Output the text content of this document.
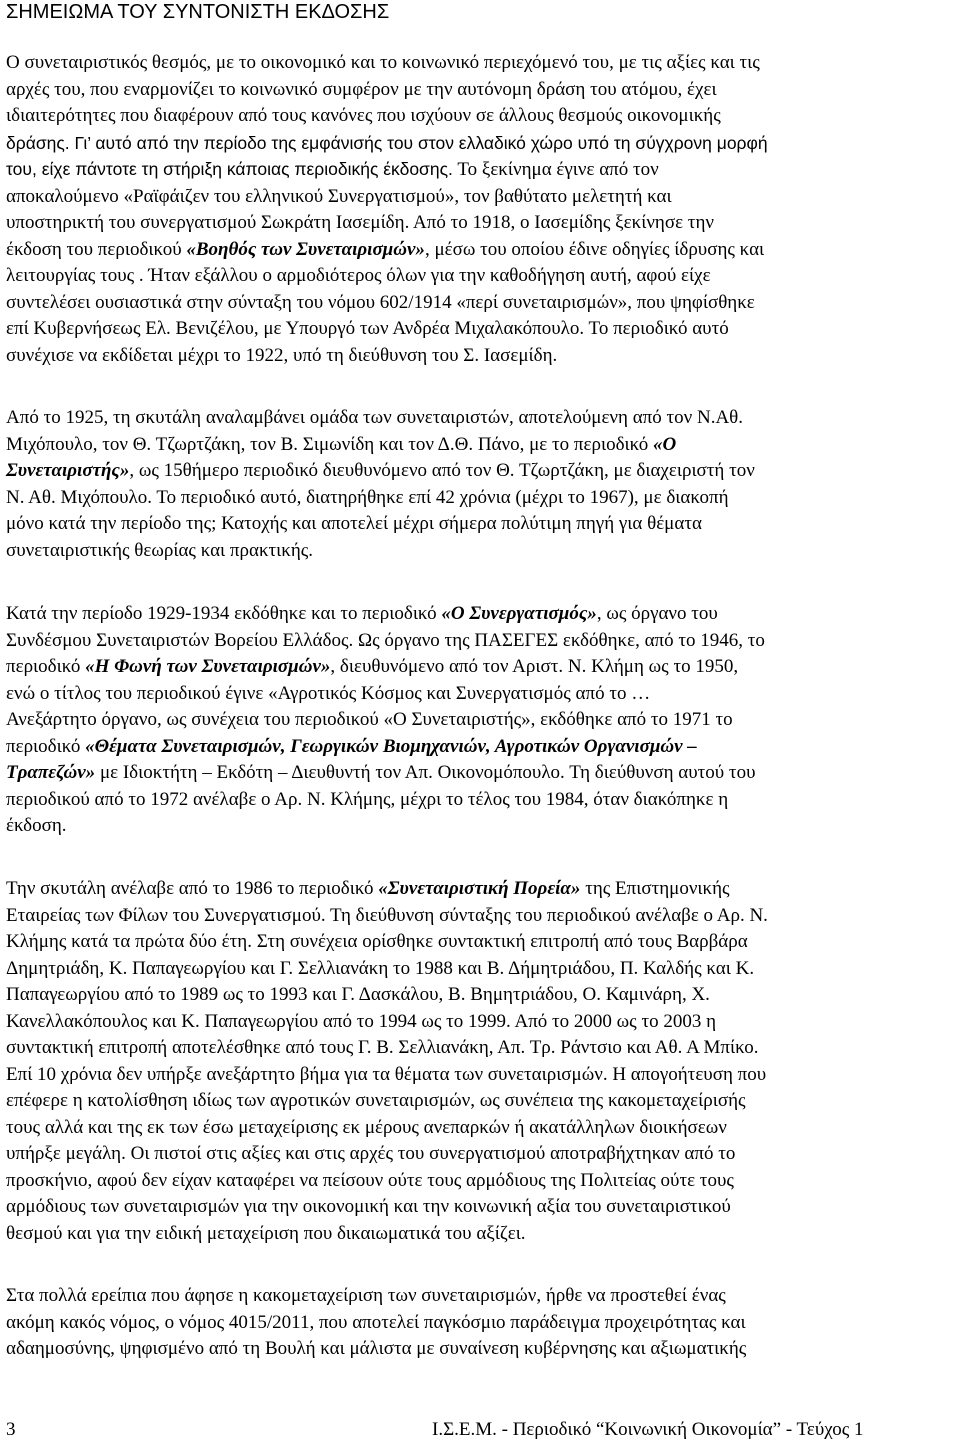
ΣΗΜΕΙΩΜΑ ΤΟΥ ΣΥΝΤΟΝΙΣΤΗ ΕΚΔΟΣΗΣ
Ο συνεταιριστικός θεσμός, με το οικονομικό και το κοινωνικό περιεχόμενό του, με τις αξίες και τις
αρχές του, που εναρμονίζει το κοινωνικό συμφέρον με την αυτόνομη δράση του ατόμου, έχει
ιδιαιτερότητες που διαφέρουν από τους κανόνες που ισχύουν σε άλλους θεσμούς οικονομικής
δράσης. Γι’ αυτό από την περίοδο της εμφάνισής του στον ελλαδικό χώρο υπό τη σύγχρονη μορφή
του, είχε πάντοτε τη στήριξη κάποιας περιοδικής έκδοσης. Το ξεκίνημα έγινε από τον
αποκαλούμενο «Ραϊφάιζεν του ελληνικού Συνεργατισμού», τον βαθύτατο μελετητή και
υποστηρικτή του συνεργατισμού Σωκράτη Ιασεμίδη. Από το 1918, ο Ιασεμίδης ξεκίνησε την
έκδοση του περιοδικού «Βοηθός των Συνεταιρισμών», μέσω του οποίου έδινε οδηγίες ίδρυσης και
λειτουργίας τους . Ήταν εξάλλου ο αρμοδιότερος όλων για την καθοδήγηση αυτή, αφού είχε
συντελέσει ουσιαστικά στην σύνταξη του νόμου 602/1914 «περί συνεταιρισμών», που ψηφίσθηκε
επί Κυβερνήσεως Ελ. Βενιζέλου, με Υπουργό των Ανδρέα Μιχαλακόπουλο. Το περιοδικό αυτό
συνέχισε να εκδίδεται μέχρι το 1922, υπό τη διεύθυνση του Σ. Ιασεμίδη.
Από το 1925, τη σκυτάλη αναλαμβάνει ομάδα των συνεταιριστών, αποτελούμενη από τον Ν.Αθ.
Μιχόπουλο, τον Θ. Τζωρτζάκη, τον Β. Σιμωνίδη και τον Δ.Θ. Πάνο, με το περιοδικό «Ο
Συνεταιριστής», ως 15θήμερο περιοδικό διευθυνόμενο από τον Θ. Τζωρτζάκη, με διαχειριστή τον
Ν. Αθ. Μιχόπουλο. Το περιοδικό αυτό, διατηρήθηκε επί 42 χρόνια (μέχρι το 1967), με διακοπή
μόνο κατά την περίοδο της; Κατοχής και αποτελεί μέχρι σήμερα πολύτιμη πηγή για θέματα
συνεταιριστικής θεωρίας και πρακτικής.
Κατά την περίοδο 1929-1934 εκδόθηκε και το περιοδικό «Ο Συνεργατισμός», ως όργανο του
Συνδέσμου Συνεταιριστών Βορείου Ελλάδος. Ως όργανο της ΠΑΣΕΓΕΣ εκδόθηκε, από το 1946, το
περιοδικό «Η Φωνή των Συνεταιρισμών», διευθυνόμενο από τον Αριστ. Ν. Κλήμη ως το 1950,
ενώ ο τίτλος του περιοδικού έγινε «Αγροτικός Κόσμος και Συνεργατισμός από το …
Ανεξάρτητο όργανο, ως συνέχεια του περιοδικού «Ο Συνεταιριστής», εκδόθηκε από το 1971 το
περιοδικό «Θέματα Συνεταιρισμών, Γεωργικών Βιομηχανιών, Αγροτικών Οργανισμών –
Τραπεζών» με Ιδιοκτήτη – Εκδότη – Διευθυντή τον Απ. Οικονομόπουλο. Τη διεύθυνση αυτού του
περιοδικού από το 1972 ανέλαβε ο Αρ. Ν. Κλήμης, μέχρι το τέλος του 1984, όταν διακόπηκε η
έκδοση.
Την σκυτάλη ανέλαβε από το 1986 το περιοδικό «Συνεταιριστική Πορεία» της Επιστημονικής
Εταιρείας των Φίλων του Συνεργατισμού. Τη διεύθυνση σύνταξης του περιοδικού ανέλαβε ο Αρ. Ν.
Κλήμης κατά τα πρώτα δύο έτη. Στη συνέχεια ορίσθηκε συντακτική επιτροπή από τους Βαρβάρα
Δημητριάδη, Κ. Παπαγεωργίου και Γ. Σελλιανάκη το 1988 και Β. Δήμητριάδου, Π. Καλδής και Κ.
Παπαγεωργίου από το 1989 ως το 1993 και Γ. Δασκάλου, Β. Βημητριάδου, Ο. Καμινάρη, Χ.
Κανελλακόπουλος και Κ. Παπαγεωργίου από το 1994 ως το 1999. Από το 2000 ως το 2003 η
συντακτική επιτροπή αποτελέσθηκε από τους Γ. Β. Σελλιανάκη, Απ. Τρ. Ράντσιο και Αθ. Α Μπίκο.
Επί 10 χρόνια δεν υπήρξε ανεξάρτητο βήμα για τα θέματα των συνεταιρισμών. Η απογοήτευση που
επέφερε η κατολίσθηση ιδίως των αγροτικών συνεταιρισμών, ως συνέπεια της κακομεταχείρισής
τους αλλά και της εκ των έσω μεταχείρισης εκ μέρους ανεπαρκών ή ακατάλληλων διοικήσεων
υπήρξε μεγάλη. Οι πιστοί στις αξίες και στις αρχές του συνεργατισμού αποτραβήχτηκαν από το
προσκήνιο, αφού δεν είχαν καταφέρει να πείσουν ούτε τους αρμόδιους της Πολιτείας ούτε τους
αρμόδιους των συνεταιρισμών για την οικονομική και την κοινωνική αξία του συνεταιριστικού
θεσμού και για την ειδική μεταχείριση που δικαιωματικά του αξίζει.
Στα πολλά ερείπια που άφησε η κακομεταχείριση των συνεταιρισμών, ήρθε να προστεθεί ένας
ακόμη κακός νόμος, ο νόμος 4015/2011, που αποτελεί παγκόσμιο παράδειγμα προχειρότητας και
αδαημοσύνης, ψηφισμένο από τη Βουλή και μάλιστα με συναίνεση κυβέρνησης και αξιωματικής
3	Ι.Σ.Ε.Μ. - Περιοδικό “Κοινωνική Οικονομία” - Τεύχος 1
